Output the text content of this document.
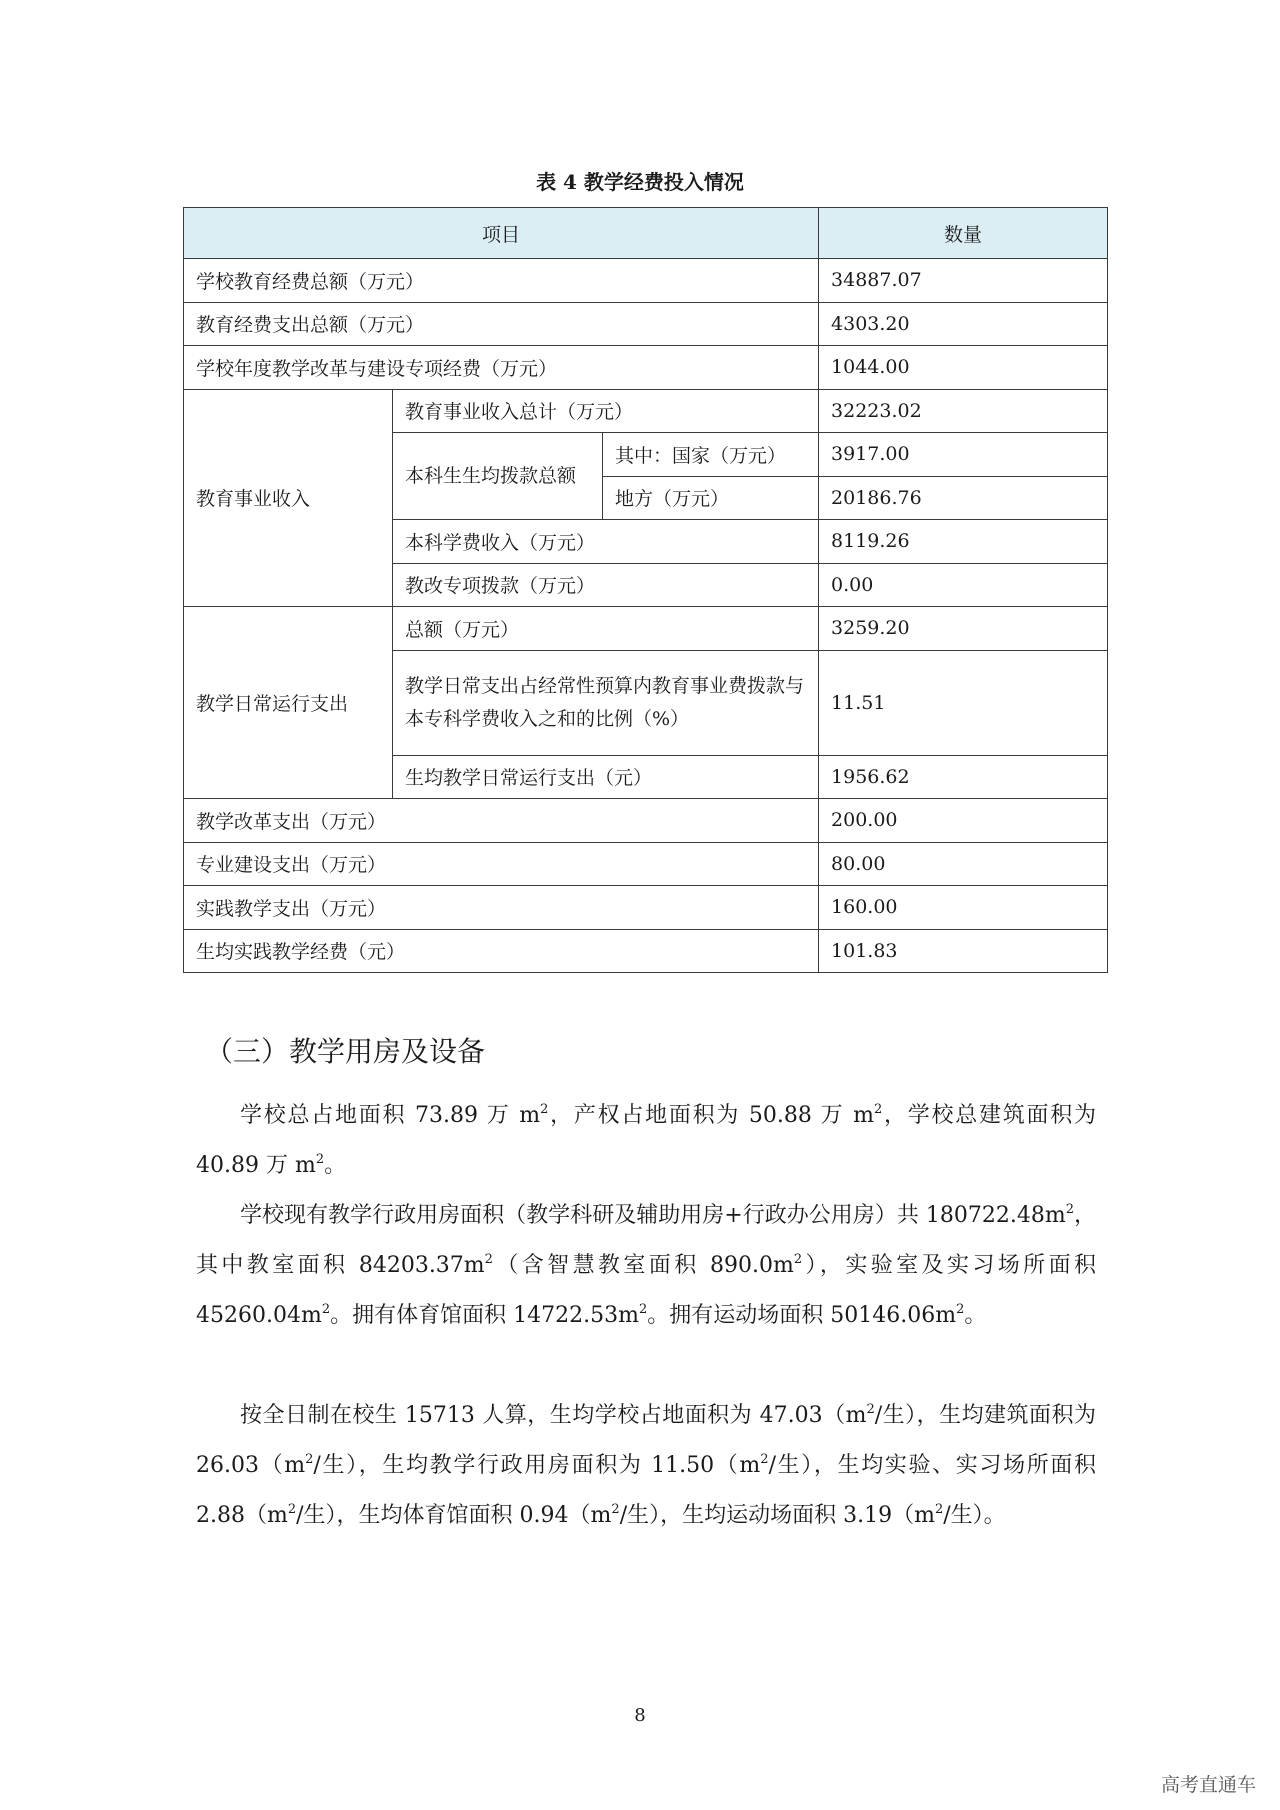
表 4 教学经费投入情况
项目			数量
学校教育经费总额（万元）			34887.07
教育经费支出总额（万元）			4303.20
学校年度教学改革与建设专项经费（万元）			1044.00
教育事业收入	教育事业收入总计（万元）		32223.02
	本科生生均拨款总额	其中：国家（万元）	3917.00
		地方（万元）	20186.76
	本科学费收入（万元）		8119.26
	教改专项拨款（万元）		0.00
教学日常运行支出	总额（万元）		3259.20
	教学日常支出占经常性预算内教育事业费拨款与本专科学费收入之和的比例（%）		11.51
	生均教学日常运行支出（元）		1956.62
教学改革支出（万元）			200.00
专业建设支出（万元）			80.00
实践教学支出（万元）			160.00
生均实践教学经费（元）			101.83
（三）教学用房及设备

学校总占地面积 73.89 万 $m^2$，产权占地面积为 50.88 万 $m^2$，学校总建筑面积为 40.89 万 $m^2$。

学校现有教学行政用房面积（教学科研及辅助用房+行政办公用房）共 $180722.48m^2$，其中教室面积 $84203.37m^2$（含智慧教室面积 $890.0m^2$），实验室及实习场所面积 $45260.04m^2$。拥有体育馆面积 $14722.53m^2$。拥有运动场面积 $50146.06m^2$。

按全日制在校生 15713 人算，生均学校占地面积为 $47.03(m^2/$生），生均建筑面积为 $26.03(m^2/$生），生均教学行政用房面积为 $11.50(m^2/$生），生均实验、实习场所面积 $2.88(m^2/$生），生均体育馆面积 $0.94(m^2/$生），生均运动场面积 $3.19(m^2/$生）。

8
高考直通车
